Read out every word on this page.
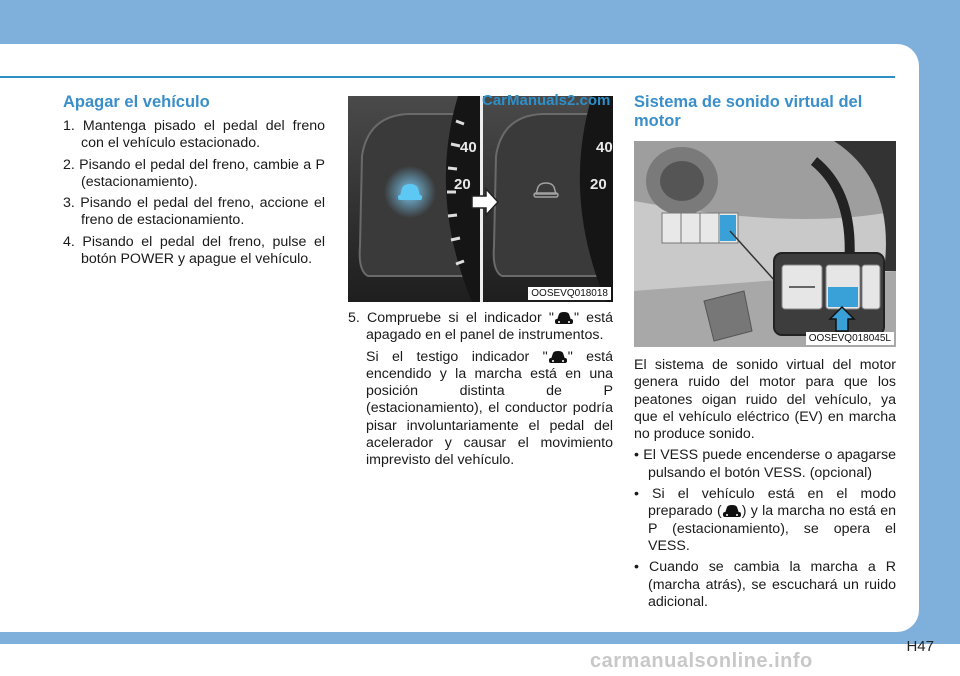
Apagar el vehículo
1. Mantenga pisado el pedal del freno con el vehículo estacionado.
2. Pisando el pedal del freno, cambie a P (estacionamiento).
3. Pisando el pedal del freno, accione el freno de estacionamiento.
4. Pisando el pedal del freno, pulse el botón POWER y apague el vehículo.
40
20
40
20
OOSEVQ018018
5. Compruebe si el indicador " " está apagado en el panel de instrumentos.

Si el testigo indicador " " está encendido y la marcha está en una posición distinta de P (estacionamiento), el conductor podría pisar involuntariamente el pedal del acelerador y causar el movimiento imprevisto del vehículo.

CarManuals2.com Sistema de sonido virtual del motor
OOSEVQ018045L

El sistema de sonido virtual del motor genera ruido del motor para que los peatones oigan ruido del vehículo, ya que el vehículo eléctrico (EV) en marcha no produce sonido.

• El VESS puede encenderse o apagarse pulsando el botón VESS. (opcional)
• Si el vehículo está en el modo preparado ( ) y la marcha no está en P (estacionamiento), se opera el VESS.
• Cuando se cambia la marcha a R (marcha atrás), se escuchará un ruido adicional.
H47
carmanualsonline.info
